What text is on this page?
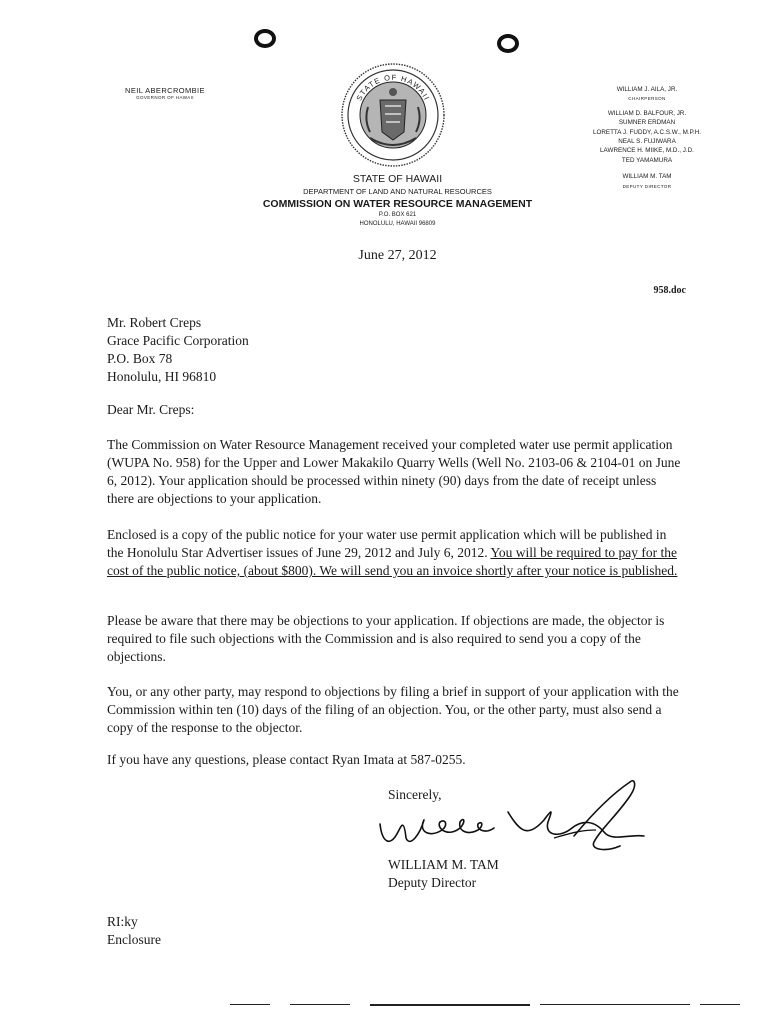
NEIL ABERCROMBIE
GOVERNOR OF HAWAII	STATE OF HAWAII
WILLIAM J. AILA, JR.
CHAIRPERSON
WILLIAM D. BALFOUR, JR.
SUMNER ERDMAN
LORETTA J. FUDDY, A.C.S.W., M.P.H.
NEAL S. FUJIWARA
LAWRENCE H. MIIKE, M.D., J.D.
TED YAMAMURA
WILLIAM M. TAM
DEPUTY DIRECTOR
STATE OF HAWAII
DEPARTMENT OF LAND AND NATURAL RESOURCES
COMMISSION ON WATER RESOURCE MANAGEMENT
P.O. BOX 621
HONOLULU, HAWAII 96809
June 27, 2012
958.doc
Mr. Robert Creps
Grace Pacific Corporation
P.O. Box 78
Honolulu, HI 96810
Dear Mr. Creps:
The Commission on Water Resource Management received your completed water use permit application (WUPA No. 958) for the Upper and Lower Makakilo Quarry Wells (Well No. 2103-06 & 2104-01 on June 6, 2012). Your application should be processed within ninety (90) days from the date of receipt unless there are objections to your application.
Enclosed is a copy of the public notice for your water use permit application which will be published in the Honolulu Star Advertiser issues of June 29, 2012 and July 6, 2012. You will be required to pay for the cost of the public notice, (about $800). We will send you an invoice shortly after your notice is published.
Please be aware that there may be objections to your application. If objections are made, the objector is required to file such objections with the Commission and is also required to send you a copy of the objections.
You, or any other party, may respond to objections by filing a brief in support of your application with the Commission within ten (10) days of the filing of an objection. You, or the other party, must also send a copy of the response to the objector.
If you have any questions, please contact Ryan Imata at 587-0255.
Sincerely,
WILLIAM M. TAM
Deputy Director
RI:ky
Enclosure
